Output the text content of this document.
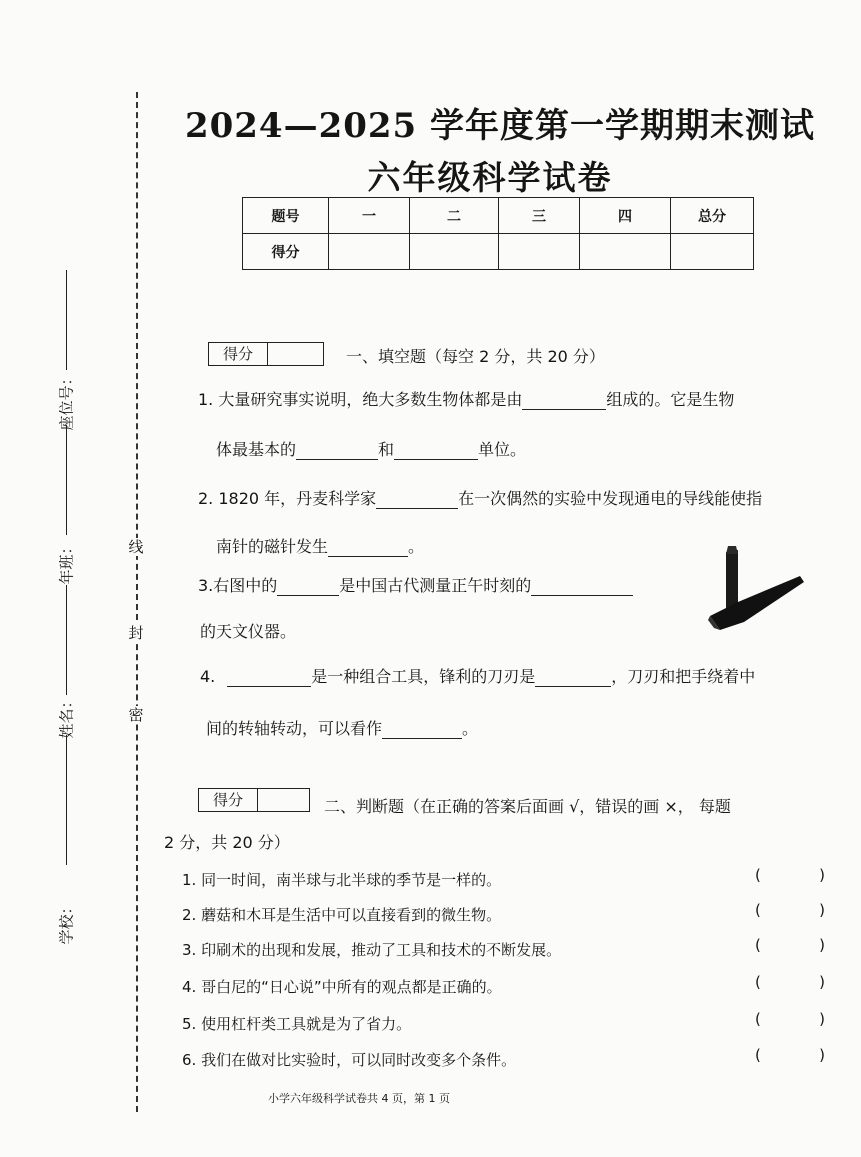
线
封
密
座位号：
年班：
姓名：
学校：
2024—2025 学年度第一学期期末测试
六年级科学试卷
题号	一	二	三	四	总分
得分					
得分	一、填空题（每空 2 分，共 20 分）
1. 大量研究事实说明，绝大多数生物体都是由	组成的。它是生物
体最基本的	和	单位。
2. 1820 年，丹麦科学家	在一次偶然的实验中发现通电的导线能使指
南针的磁针发生	。
3.右图中的	是中国古代测量正午时刻的
的天文仪器。
4.	是一种组合工具，锋利的刀刃是	，刀刃和把手绕着中
间的转轴转动，可以看作	。
得分	二、判断题（在正确的答案后面画 √，错误的画 ×， 每题
2 分，共 20 分）
1. 同一时间，南半球与北半球的季节是一样的。
2. 蘑菇和木耳是生活中可以直接看到的微生物。
3. 印刷术的出现和发展，推动了工具和技术的不断发展。
4. 哥白尼的“日心说”中所有的观点都是正确的。
5. 使用杠杆类工具就是为了省力。
6. 我们在做对比实验时，可以同时改变多个条件。
(	)
(	)
(	)
(	)
(	)
(	)
小学六年级科学试卷共 4 页，第 1 页
